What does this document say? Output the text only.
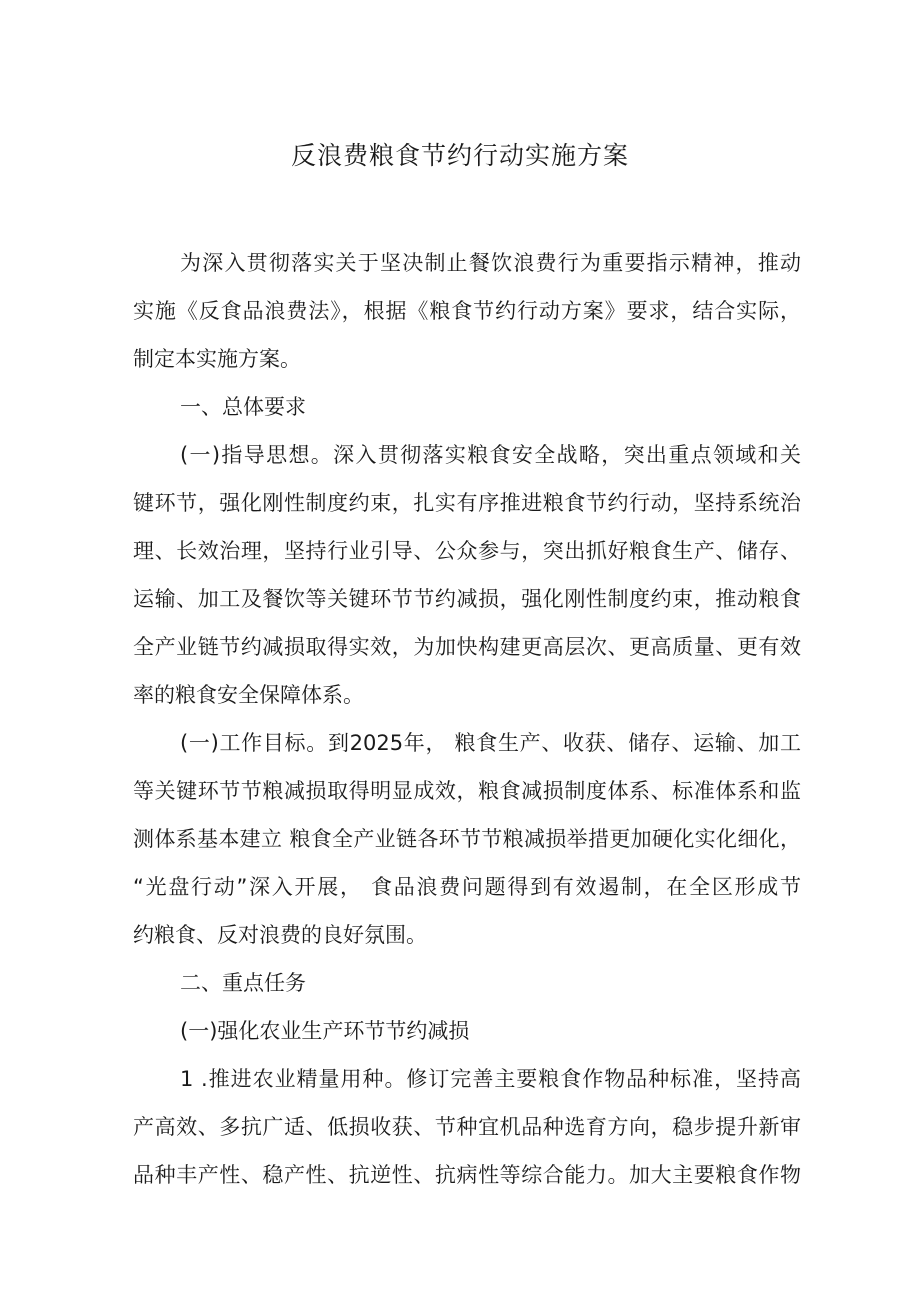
反浪费粮食节约行动实施方案
为深入贯彻落实关于坚决制止餐饮浪费行为重要指示精神，推动
实施《反食品浪费法》，根据《粮食节约行动方案》要求，结合实际，
制定本实施方案。
一、总体要求
(一)指导思想。深入贯彻落实粮食安全战略，突出重点领域和关
键环节，强化刚性制度约束，扎实有序推进粮食节约行动，坚持系统治
理、长效治理，坚持行业引导、公众参与，突出抓好粮食生产、储存、
运输、加工及餐饮等关键环节节约减损，强化刚性制度约束，推动粮食
全产业链节约减损取得实效，为加快构建更高层次、更高质量、更有效
率的粮食安全保障体系。
(一)工作目标。到2025年， 粮食生产、收获、储存、运输、加工
等关键环节节粮减损取得明显成效，粮食减损制度体系、标准体系和监
测体系基本建立 粮食全产业链各环节节粮减损举措更加硬化实化细化，
“光盘行动”深入开展， 食品浪费问题得到有效遏制，在全区形成节
约粮食、反对浪费的良好氛围。
二、重点任务
(一)强化农业生产环节节约减损
1 .推进农业精量用种。修订完善主要粮食作物品种标准，坚持高
产高效、多抗广适、低损收获、节种宜机品种选育方向，稳步提升新审
品种丰产性、稳产性、抗逆性、抗病性等综合能力。加大主要粮食作物
